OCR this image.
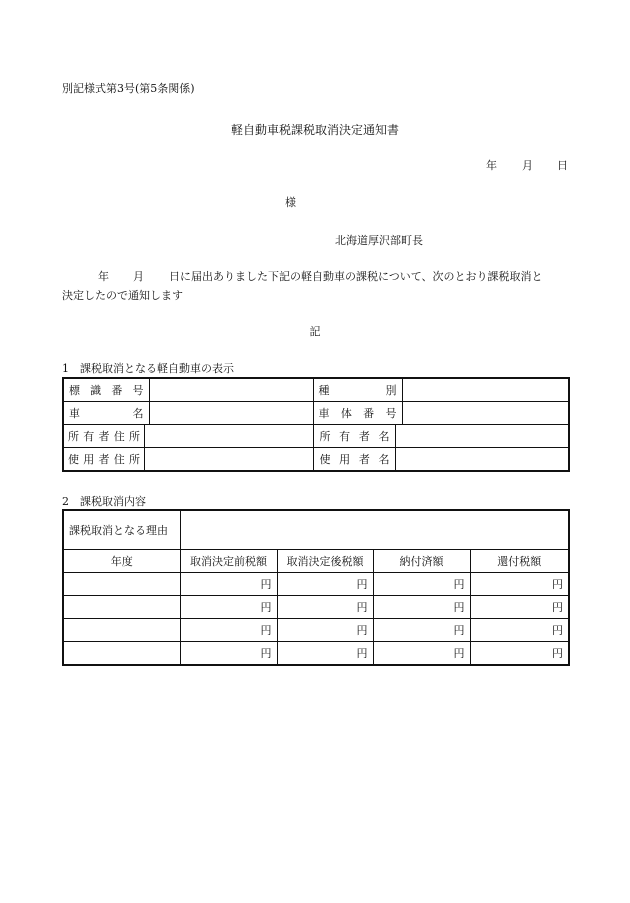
別記様式第3号(第5条関係)
軽自動車税課税取消決定通知書
年 月 日
様
北海道厚沢部町長
年 月 日に届出ありました下記の軽自動車の課税について、次のとおり課税取消と
決定したので通知します
記
1　課税取消となる軽自動車の表示
標 識 番 号		種 別	

車 名		車 体 番 号	

所 有 者 住 所		所 有 者 名	

使 用 者 住 所		使 用 者 名	
2　課税取消内容
課税取消となる理由				
年度	取消決定前税額	取消決定後税額	納付済額	還付税額
	円	円	円	円
	円	円	円	円
	円	円	円	円
	円	円	円	円
